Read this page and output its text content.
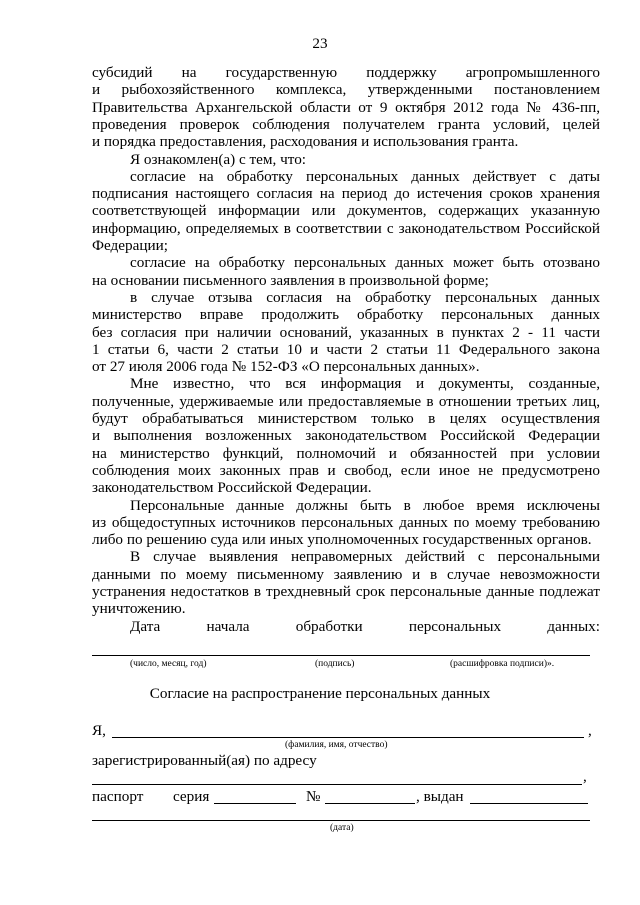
23
субсидий на государственную поддержку агропромышленного
и рыбохозяйственного комплекса, утвержденными постановлением
Правительства Архангельской области от 9 октября 2012 года № 436-пп,
проведения проверок соблюдения получателем гранта условий, целей
и порядка предоставления, расходования и использования гранта.
Я ознакомлен(а) с тем, что:
согласие на обработку персональных данных действует с даты
подписания настоящего согласия на период до истечения сроков хранения
соответствующей информации или документов, содержащих указанную
информацию, определяемых в соответствии с законодательством Российской
Федерации;
согласие на обработку персональных данных может быть отозвано
на основании письменного заявления в произвольной форме;
в случае отзыва согласия на обработку персональных данных
министерство вправе продолжить обработку персональных данных
без согласия при наличии оснований, указанных в пунктах 2 - 11 части
1 статьи 6, части 2 статьи 10 и части 2 статьи 11 Федерального закона
от 27 июля 2006 года № 152-ФЗ «О персональных данных».
Мне известно, что вся информация и документы, созданные,
полученные, удерживаемые или предоставляемые в отношении третьих лиц,
будут обрабатываться министерством только в целях осуществления
и выполнения возложенных законодательством Российской Федерации
на министерство функций, полномочий и обязанностей при условии
соблюдения моих законных прав и свобод, если иное не предусмотрено
законодательством Российской Федерации.
Персональные данные должны быть в любое время исключены
из общедоступных источников персональных данных по моему требованию
либо по решению суда или иных уполномоченных государственных органов.
В случае выявления неправомерных действий с персональными
данными по моему письменному заявлению и в случае невозможности
устранения недостатков в трехдневный срок персональные данные подлежат
уничтожению.
Дата начала обработки персональных данных:
(число, месяц, год)	(подпись)	(расшифровка подписи)».
Согласие на распространение персональных данных
Я,	,
(фамилия, имя, отчество)
зарегистрированный(ая) по адресу
,
паспорт серия	№	, выдан
(дата)
